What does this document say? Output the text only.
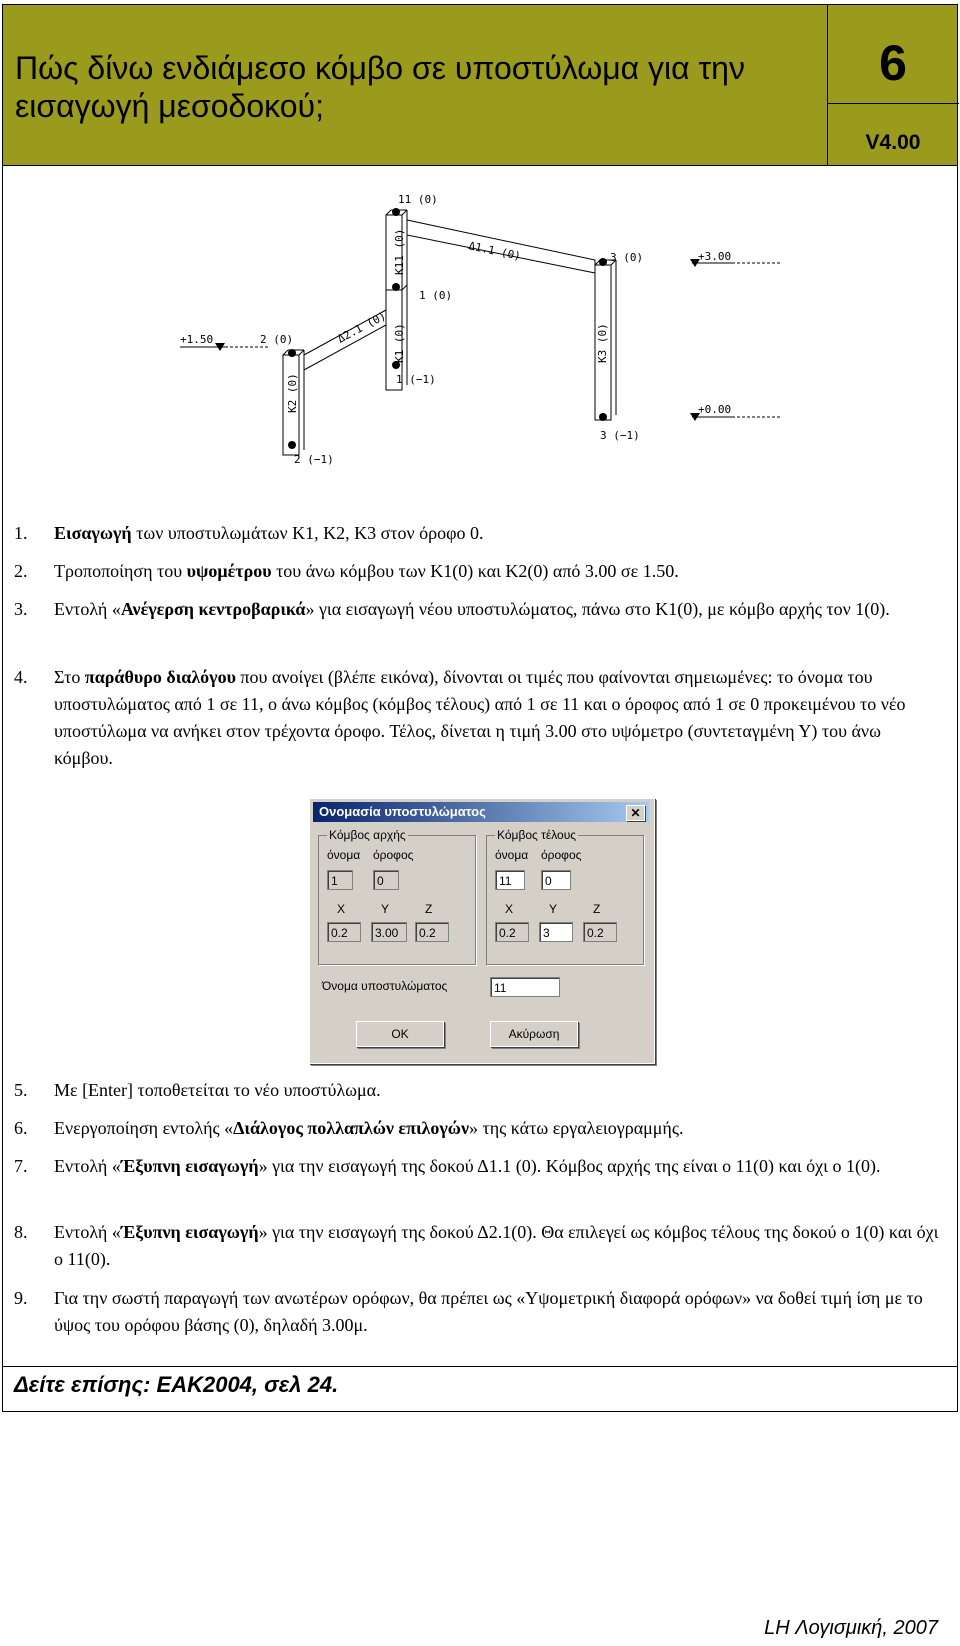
Πώς δίνω ενδιάμεσο κόμβο σε υποστύλωμα για την
εισαγωγή μεσοδοκού;
6
V4.00
11 (0)
K11 (0)	Δ1.1 (0)	3 (0)	+3.00
1 (0)
+1.50	2 (0)	Δ2.1 (0) K1 (0)	K3 (0)
1 (−1)
K2 (0)	+0.00
3 (−1)
2 (−1)
1. Εισαγωγή των υποστυλωμάτων K1, K2, K3 στον όροφο 0.
2. Τροποποίηση του υψομέτρου του άνω κόμβου των K1(0) και K2(0) από 3.00 σε 1.50.
3. Εντολή «Ανέγερση κεντροβαρικά» για εισαγωγή νέου υποστυλώματος, πάνω στο K1(0), με κόμβο αρχής τον 1(0).
4. Στο παράθυρο διαλόγου που ανοίγει (βλέπε εικόνα), δίνονται οι τιμές που φαίνονται σημειωμένες: το όνομα του υποστυλώματος από 1 σε 11, ο άνω κόμβος (κόμβος τέλους) από 1 σε 11 και ο όροφος από 1 σε 0 προκειμένου το νέο υποστύλωμα να ανήκει στον τρέχοντα όροφο. Τέλος, δίνεται η τιμή 3.00 στο υψόμετρο (συντεταγμένη Υ) του άνω κόμβου.
Ονομασία υποστυλώματος	✕
Κόμβος αρχής
όνομα όροφος
1	0
X	Y	Z
0.2	3.00	0.2
Κόμβος τέλους
όνομα όροφος
11	0
X	Y	Z
0.2	3	0.2
Όνομα υποστυλώματος	11
OK	Ακύρωση
5. Με [Enter] τοποθετείται το νέο υποστύλωμα.
6. Ενεργοποίηση εντολής «Διάλογος πολλαπλών επιλογών» της κάτω εργαλειογραμμής.
7. Εντολή «Έξυπνη εισαγωγή» για την εισαγωγή της δοκού Δ1.1 (0). Κόμβος αρχής της είναι ο 11(0) και όχι ο 1(0).
8. Εντολή «Έξυπνη εισαγωγή» για την εισαγωγή της δοκού Δ2.1(0). Θα επιλεγεί ως κόμβος τέλους της δοκού ο 1(0) και όχι ο 11(0).
9. Για την σωστή παραγωγή των ανωτέρων ορόφων, θα πρέπει ως «Υψομετρική διαφορά ορόφων» να δοθεί τιμή ίση με το ύψος του ορόφου βάσης (0), δηλαδή 3.00μ.
Δείτε επίσης: ΕΑΚ2004, σελ 24.
LH Λογισμική, 2007
